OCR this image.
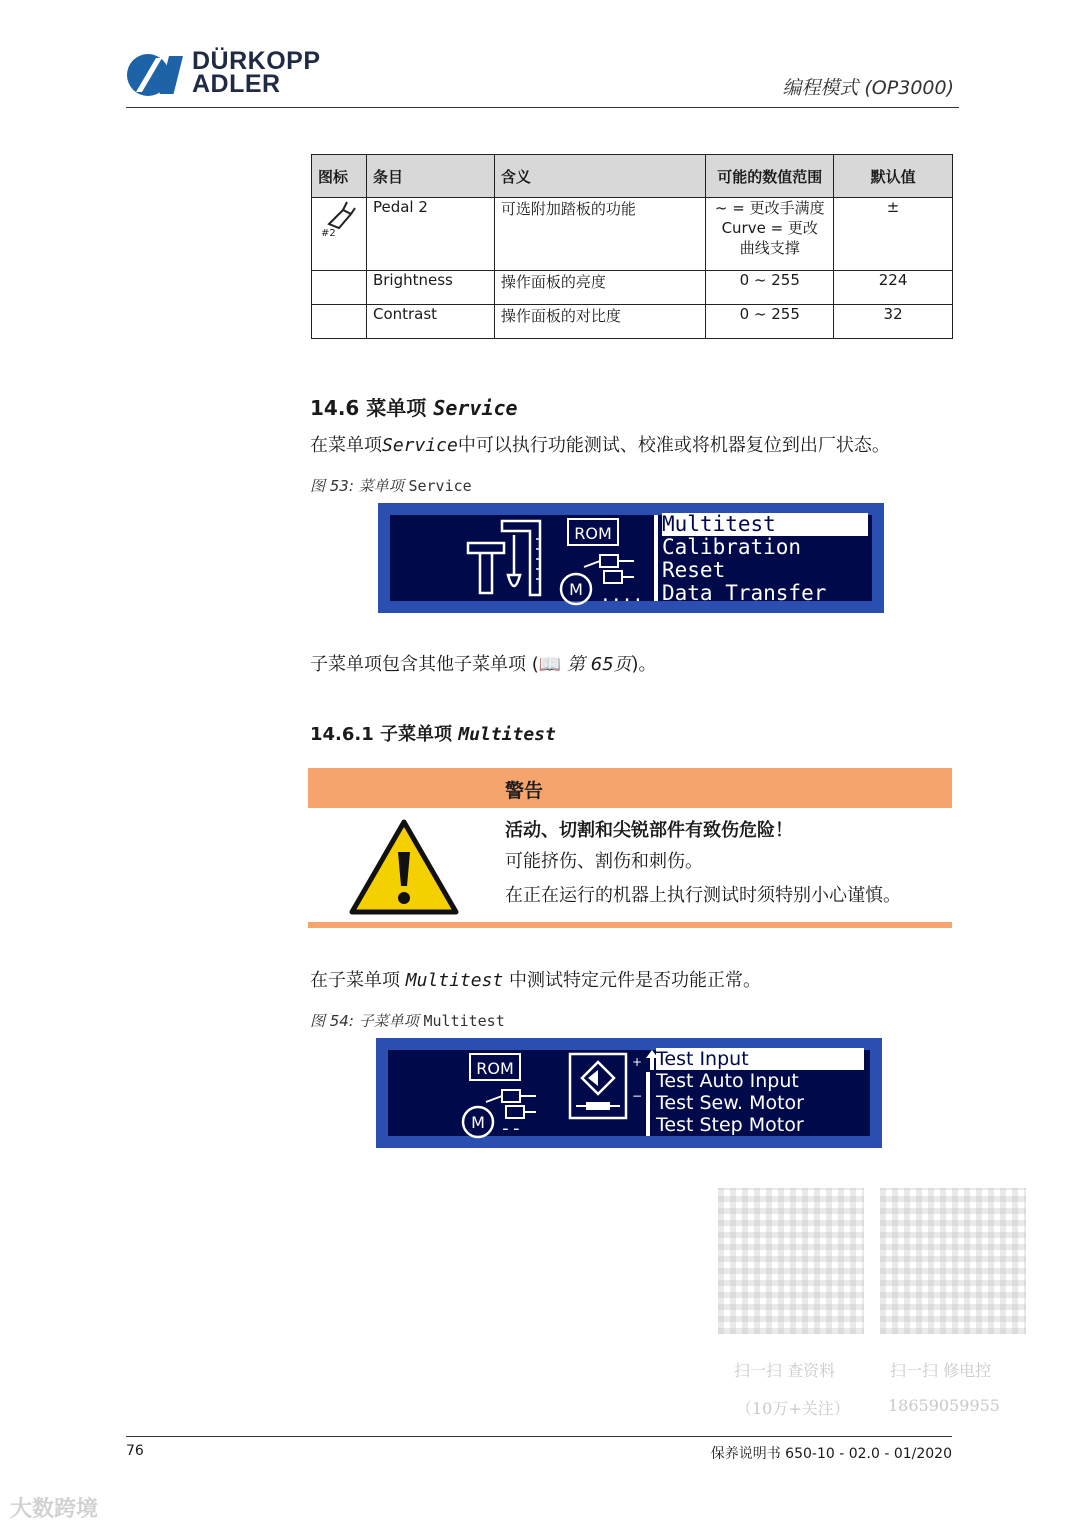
DÜRKOPP
ADLER	编程模式 (OP3000)
图标	条目	含义	可能的数值范围	默认值

#2	Pedal 2	可选附加踏板的功能	~ = 更改手满度
Curve = 更改
曲线支撑	±
	Brightness	操作面板的亮度	0 ~ 255	224
	Contrast	操作面板的对比度	0 ~ 255	32
14.6 菜单项 Service
在菜单项Service中可以执行功能测试、校准或将机器复位到出厂状态。
图 53: 菜单项 Service
ROM
M ....
Multitest
Calibration
Reset
Data Transfer
子菜单项包含其他子菜单项 (📖 第 65页)。
14.6.1 子菜单项 Multitest
警告
活动、切割和尖锐部件有致伤危险！
可能挤伤、割伤和刺伤。
在正在运行的机器上执行测试时须特别小心谨慎。
在子菜单项 Multitest 中测试特定元件是否功能正常。
图 54: 子菜单项 Multitest
ROM
M --
+
−
Test Input
Test Auto Input
Test Sew. Motor
Test Step Motor
扫一扫 查资料
（10万+关注）
扫一扫 修电控
18659059955
76	保养说明书 650-10 - 02.0 - 01/2020
大数跨境
